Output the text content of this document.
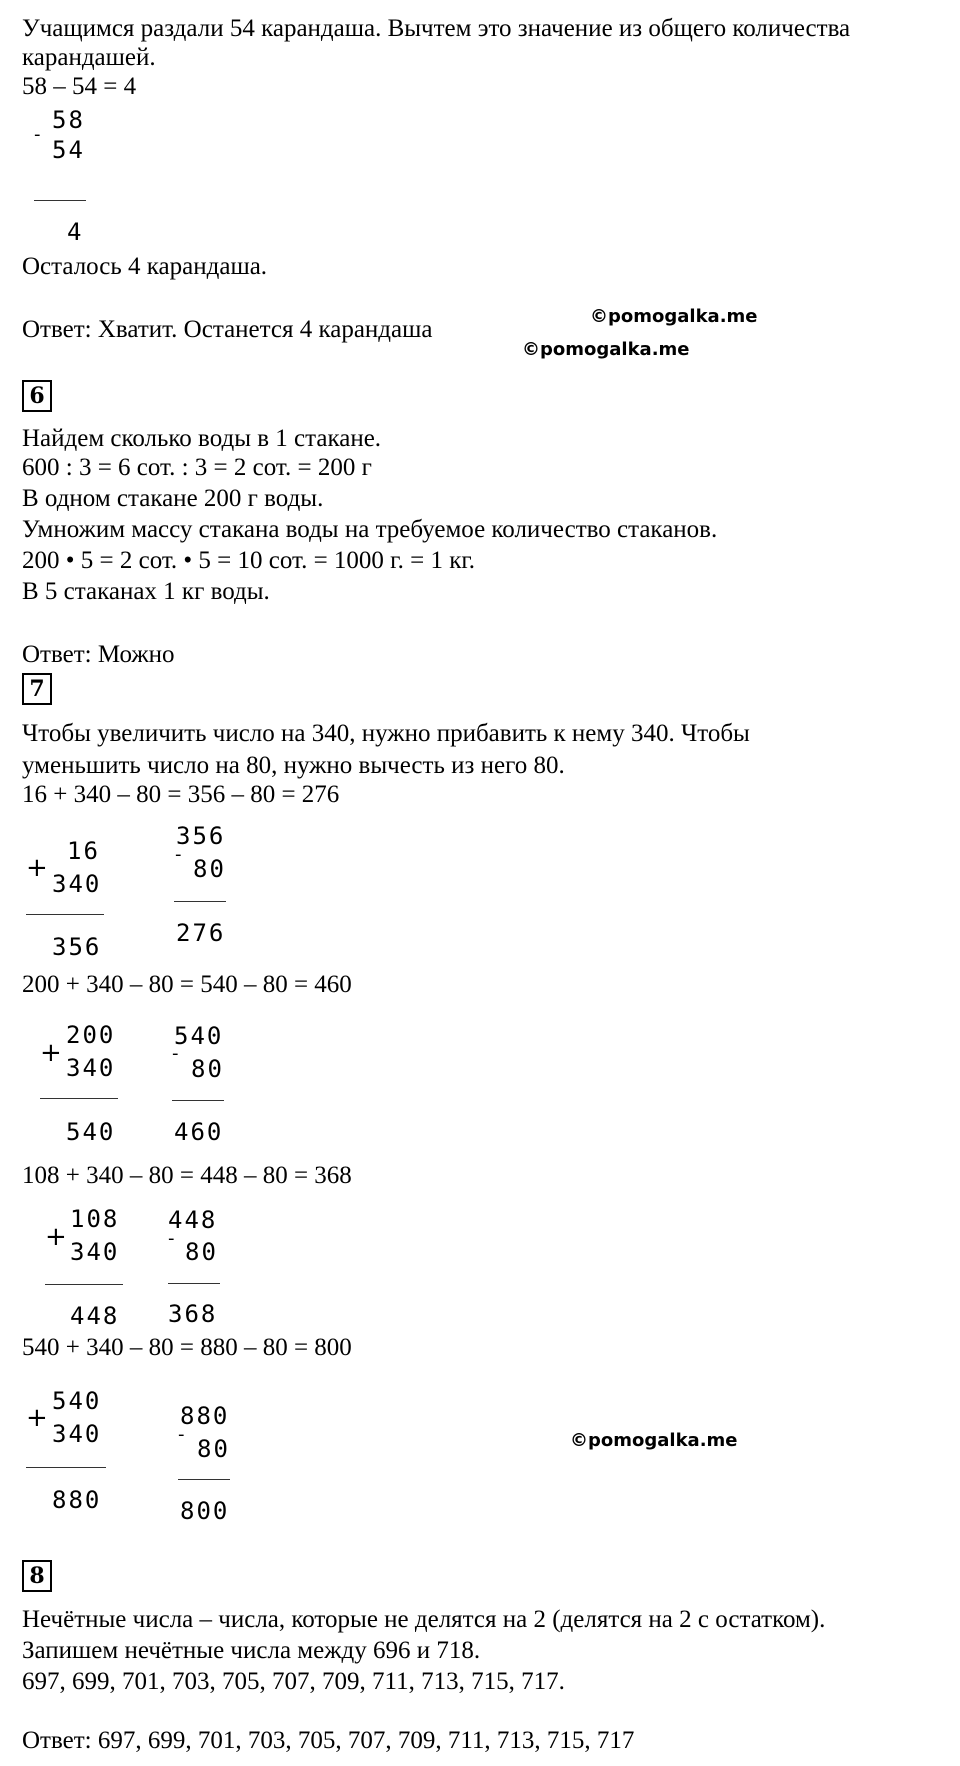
Учащимся раздали 54 карандаша. Вычтем это значение из общего количества
карандашей.
58 – 54 = 4
-
58
54
4
Осталось 4 карандаша.
Ответ: Хватит. Останется 4 карандаша	©pomogalka.me
©pomogalka.me
6
Найдем сколько воды в 1 стакане.
600 : 3 = 6 сот. : 3 = 2 сот. = 200 г
В одном стакане 200 г воды.
Умножим массу стакана воды на требуемое количество стаканов.
200 • 5 = 2 сот. • 5 = 10 сот. = 1000 г. = 1 кг.
В 5 стаканах 1 кг воды.
Ответ: Можно
7
Чтобы увеличить число на 340, нужно прибавить к нему 340. Чтобы
уменьшить число на 80, нужно вычесть из него 80.
16 + 340 – 80 = 356 – 80 = 276
+
16
340
356
-
356
80
276
200 + 340 – 80 = 540 – 80 = 460
+
200
340
540
-
540
80
460
108 + 340 – 80 = 448 – 80 = 368
+
108
340
448
-
448
80
368
540 + 340 – 80 = 880 – 80 = 800
+
540
340
880
-
880
80
800
©pomogalka.me
8
Нечётные числа – числа, которые не делятся на 2 (делятся на 2 с остатком).
Запишем нечётные числа между 696 и 718.
697, 699, 701, 703, 705, 707, 709, 711, 713, 715, 717.
Ответ: 697, 699, 701, 703, 705, 707, 709, 711, 713, 715, 717
